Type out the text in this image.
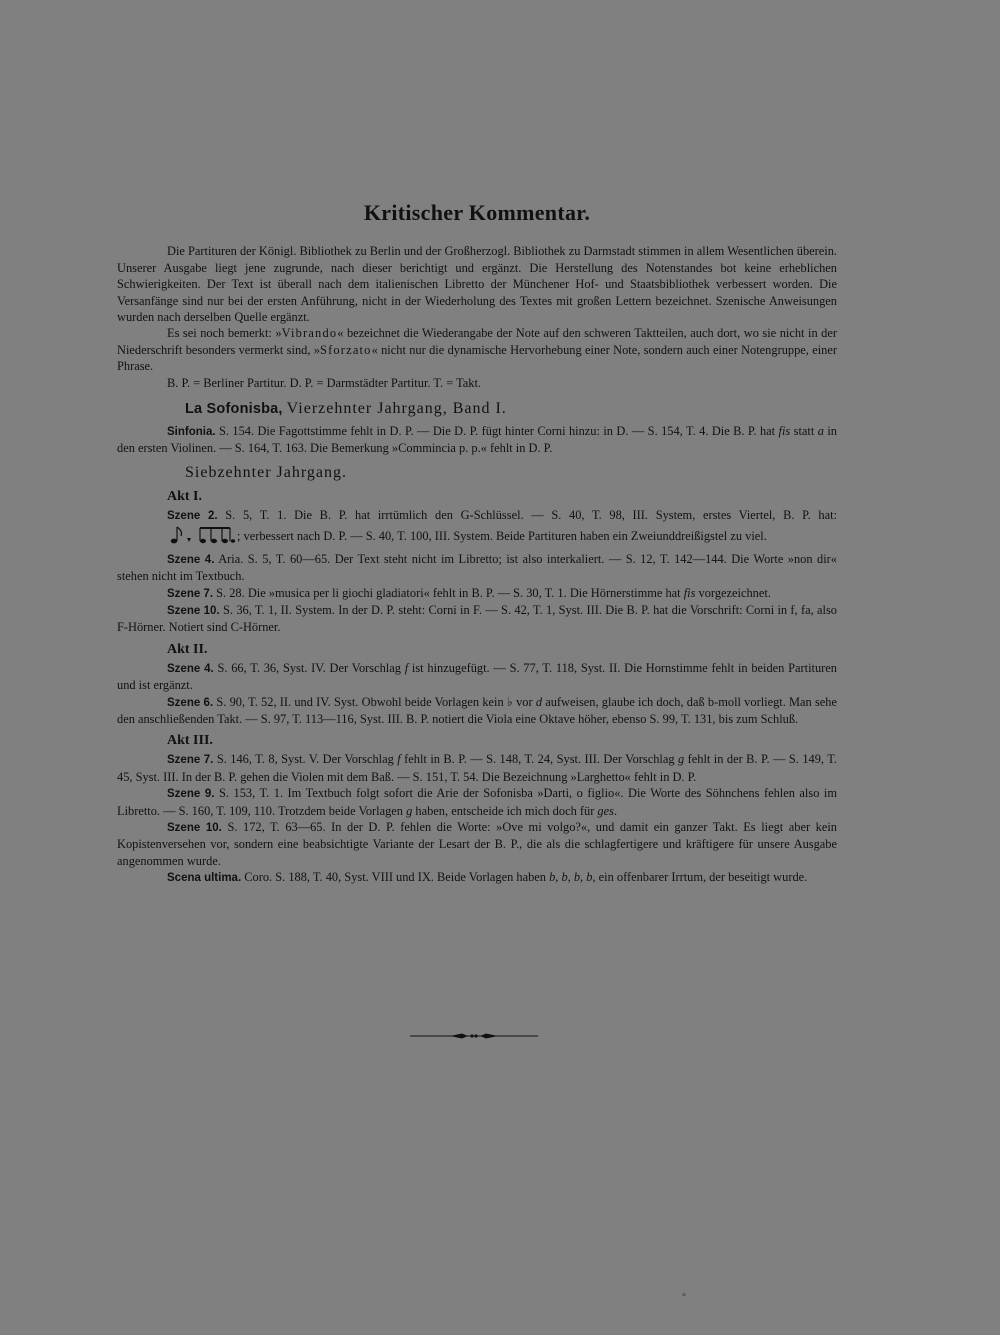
Kritischer Kommentar.

Die Partituren der Königl. Bibliothek zu Berlin und der Großherzogl. Bibliothek zu Darmstadt stimmen in allem Wesentlichen überein. Unserer Ausgabe liegt jene zugrunde, nach dieser berichtigt und ergänzt. Die Herstellung des Notenstandes bot keine erheblichen Schwierigkeiten. Der Text ist überall nach dem italienischen Libretto der Münchener Hof- und Staatsbibliothek verbessert worden. Die Versanfänge sind nur bei der ersten Anführung, nicht in der Wiederholung des Textes mit großen Lettern bezeichnet. Szenische Anweisungen wurden nach derselben Quelle ergänzt.

Es sei noch bemerkt: »Vibrando« bezeichnet die Wiederangabe der Note auf den schweren Taktteilen, auch dort, wo sie nicht in der Niederschrift besonders vermerkt sind, »Sforzato« nicht nur die dynamische Hervorhebung einer Note, sondern auch einer Notengruppe, einer Phrase.

B. P. = Berliner Partitur. D. P. = Darmstädter Partitur. T. = Takt.

La Sofonisba, Vierzehnter Jahrgang, Band I.

Sinfonia. S. 154. Die Fagottstimme fehlt in D. P. — Die D. P. fügt hinter Corni hinzu: in D. — S. 154, T. 4. Die B. P. hat fis statt a in den ersten Violinen. — S. 164, T. 163. Die Bemerkung »Commincia p. p.« fehlt in D. P.

Siebzehnter Jahrgang.
Akt I.

Szene 2. S. 5, T. 1. Die B. P. hat irrtümlich den G-Schlüssel. — S. 40, T. 98, III. System, erstes Viertel, B. P. hat: ; verbessert nach D. P. — S. 40, T. 100, III. System. Beide Partituren haben ein Zweiunddreißigstel zu viel.

Szene 4. Aria. S. 5, T. 60—65. Der Text steht nicht im Libretto; ist also interkaliert. — S. 12, T. 142—144. Die Worte »non dir« stehen nicht im Textbuch.

Szene 7. S. 28. Die »musica per li giochi gladiatori« fehlt in B. P. — S. 30, T. 1. Die Hörnerstimme hat fis vorgezeichnet.

Szene 10. S. 36, T. 1, II. System. In der D. P. steht: Corni in F. — S. 42, T. 1, Syst. III. Die B. P. hat die Vorschrift: Corni in f, fa, also F-Hörner. Notiert sind C-Hörner.

Akt II.

Szene 4. S. 66, T. 36, Syst. IV. Der Vorschlag f ist hinzugefügt. — S. 77, T. 118, Syst. II. Die Hornstimme fehlt in beiden Partituren und ist ergänzt.

Szene 6. S. 90, T. 52, II. und IV. Syst. Obwohl beide Vorlagen kein ♭ vor d aufweisen, glaube ich doch, daß b-moll vorliegt. Man sehe den anschließenden Takt. — S. 97, T. 113—116, Syst. III. B. P. notiert die Viola eine Oktave höher, ebenso S. 99, T. 131, bis zum Schluß.

Akt III.

Szene 7. S. 146, T. 8, Syst. V. Der Vorschlag f fehlt in B. P. — S. 148, T. 24, Syst. III. Der Vorschlag g fehlt in der B. P. — S. 149, T. 45, Syst. III. In der B. P. gehen die Violen mit dem Baß. — S. 151, T. 54. Die Bezeichnung »Larghetto« fehlt in D. P.

Szene 9. S. 153, T. 1. Im Textbuch folgt sofort die Arie der Sofonisba »Darti, o figlio«. Die Worte des Söhnchens fehlen also im Libretto. — S. 160, T. 109, 110. Trotzdem beide Vorlagen g haben, entscheide ich mich doch für ges.

Szene 10. S. 172, T. 63—65. In der D. P. fehlen die Worte: »Ove mi volgo?«, und damit ein ganzer Takt. Es liegt aber kein Kopistenversehen vor, sondern eine beabsichtigte Variante der Lesart der B. P., die als die schlagfertigere und kräftigere für unsere Ausgabe angenommen wurde.

Scena ultima. Coro. S. 188, T. 40, Syst. VIII und IX. Beide Vorlagen haben b, b, b, b, ein offenbarer Irrtum, der beseitigt wurde.

°
